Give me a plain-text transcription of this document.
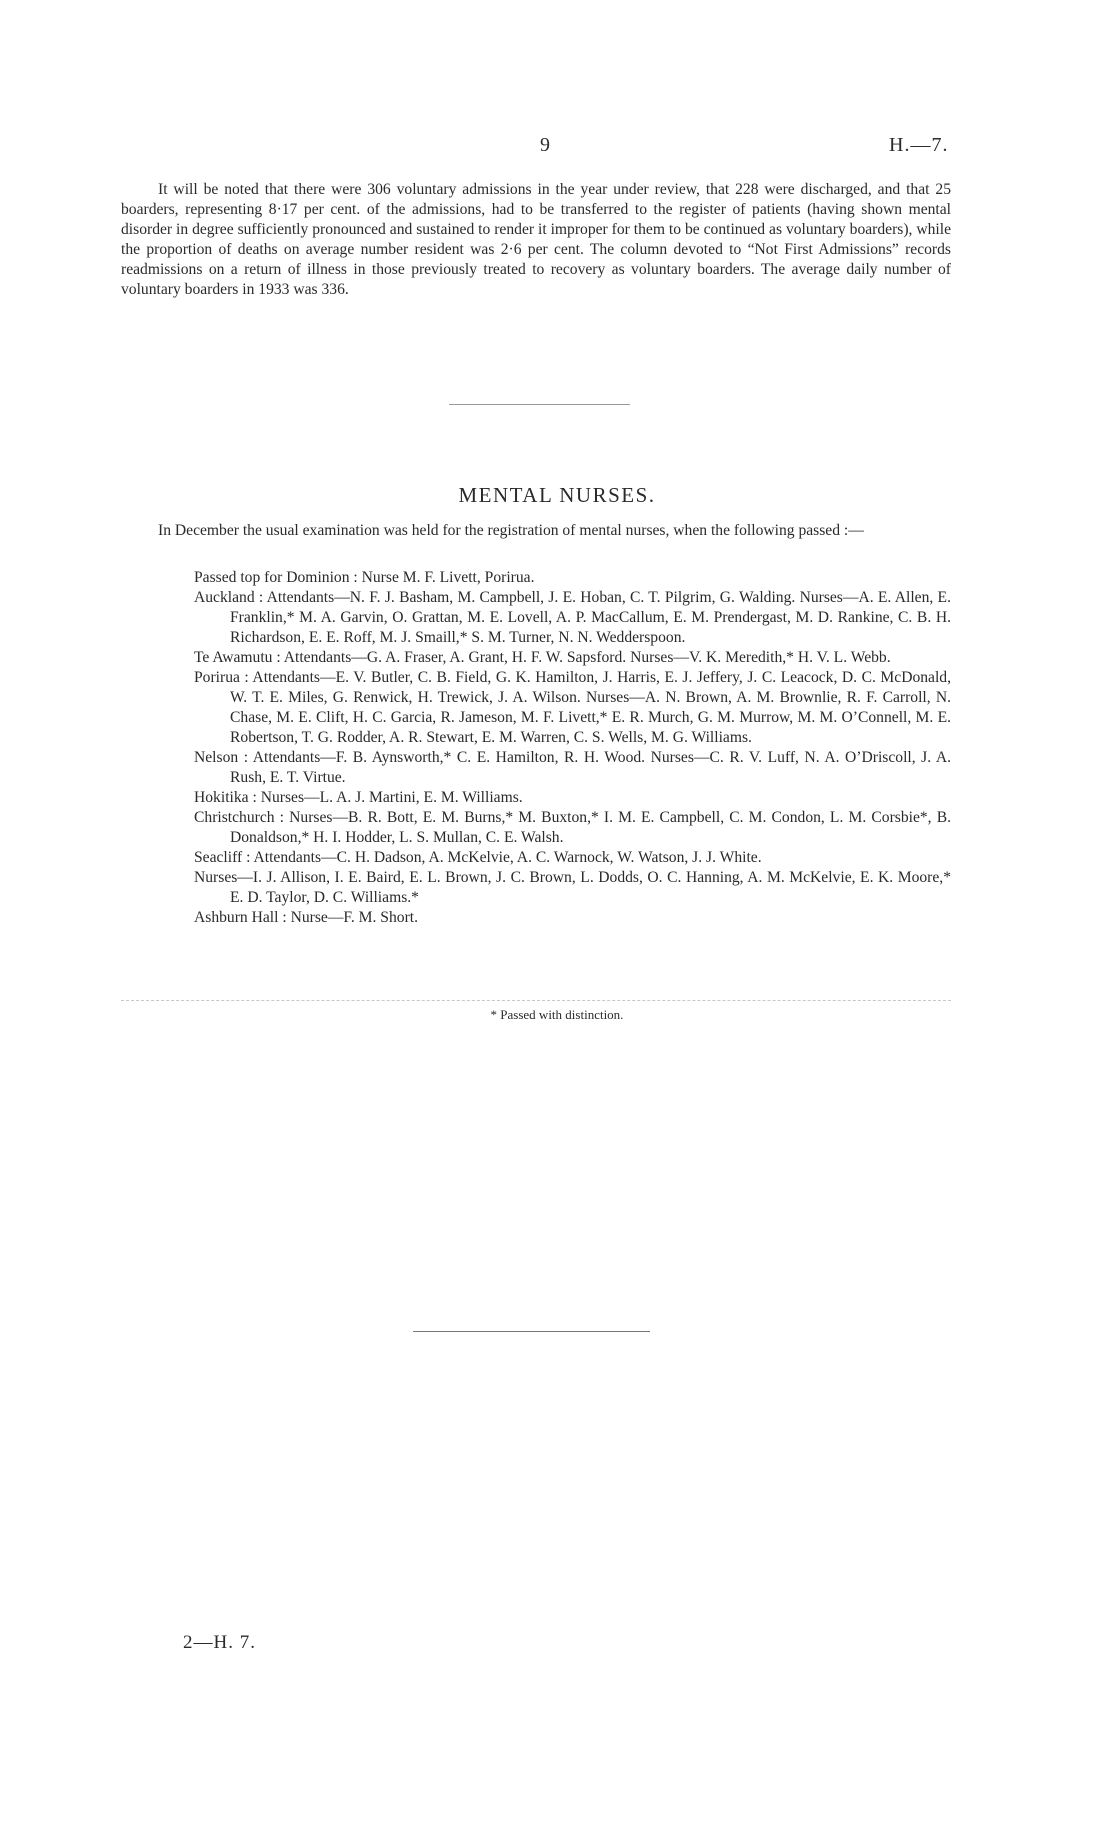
9	H.—7.

It will be noted that there were 306 voluntary admissions in the year under review, that 228 were discharged, and that 25 boarders, representing 8·17 per cent. of the admissions, had to be transferred to the register of patients (having shown mental disorder in degree sufficiently pronounced and sustained to render it improper for them to be continued as voluntary boarders), while the proportion of deaths on average number resident was 2·6 per cent. The column devoted to “Not First Admissions” records readmissions on a return of illness in those previously treated to recovery as voluntary boarders. The average daily number of voluntary boarders in 1933 was 336.

MENTAL NURSES.

In December the usual examination was held for the registration of mental nurses, when the following passed :—

Passed top for Dominion : Nurse M. F. Livett, Porirua.
Auckland : Attendants—N. F. J. Basham, M. Campbell, J. E. Hoban, C. T. Pilgrim, G. Walding. Nurses—A. E. Allen, E. Franklin,* M. A. Garvin, O. Grattan, M. E. Lovell, A. P. MacCallum, E. M. Prendergast, M. D. Rankine, C. B. H. Richardson, E. E. Roff, M. J. Smaill,* S. M. Turner, N. N. Wedderspoon.
Te Awamutu : Attendants—G. A. Fraser, A. Grant, H. F. W. Sapsford. Nurses—V. K. Meredith,* H. V. L. Webb.
Porirua : Attendants—E. V. Butler, C. B. Field, G. K. Hamilton, J. Harris, E. J. Jeffery, J. C. Leacock, D. C. McDonald, W. T. E. Miles, G. Renwick, H. Trewick, J. A. Wilson. Nurses—A. N. Brown, A. M. Brownlie, R. F. Carroll, N. Chase, M. E. Clift, H. C. Garcia, R. Jameson, M. F. Livett,* E. R. Murch, G. M. Murrow, M. M. O’Connell, M. E. Robertson, T. G. Rodder, A. R. Stewart, E. M. Warren, C. S. Wells, M. G. Williams.
Nelson : Attendants—F. B. Aynsworth,* C. E. Hamilton, R. H. Wood. Nurses—C. R. V. Luff, N. A. O’Driscoll, J. A. Rush, E. T. Virtue.
Hokitika : Nurses—L. A. J. Martini, E. M. Williams.
Christchurch : Nurses—B. R. Bott, E. M. Burns,* M. Buxton,* I. M. E. Campbell, C. M. Condon, L. M. Corsbie*, B. Donaldson,* H. I. Hodder, L. S. Mullan, C. E. Walsh.
Seacliff : Attendants—C. H. Dadson, A. McKelvie, A. C. Warnock, W. Watson, J. J. White.
Nurses—I. J. Allison, I. E. Baird, E. L. Brown, J. C. Brown, L. Dodds, O. C. Hanning, A. M. McKelvie, E. K. Moore,* E. D. Taylor, D. C. Williams.*
Ashburn Hall : Nurse—F. M. Short.

* Passed with distinction.

2—H. 7.
